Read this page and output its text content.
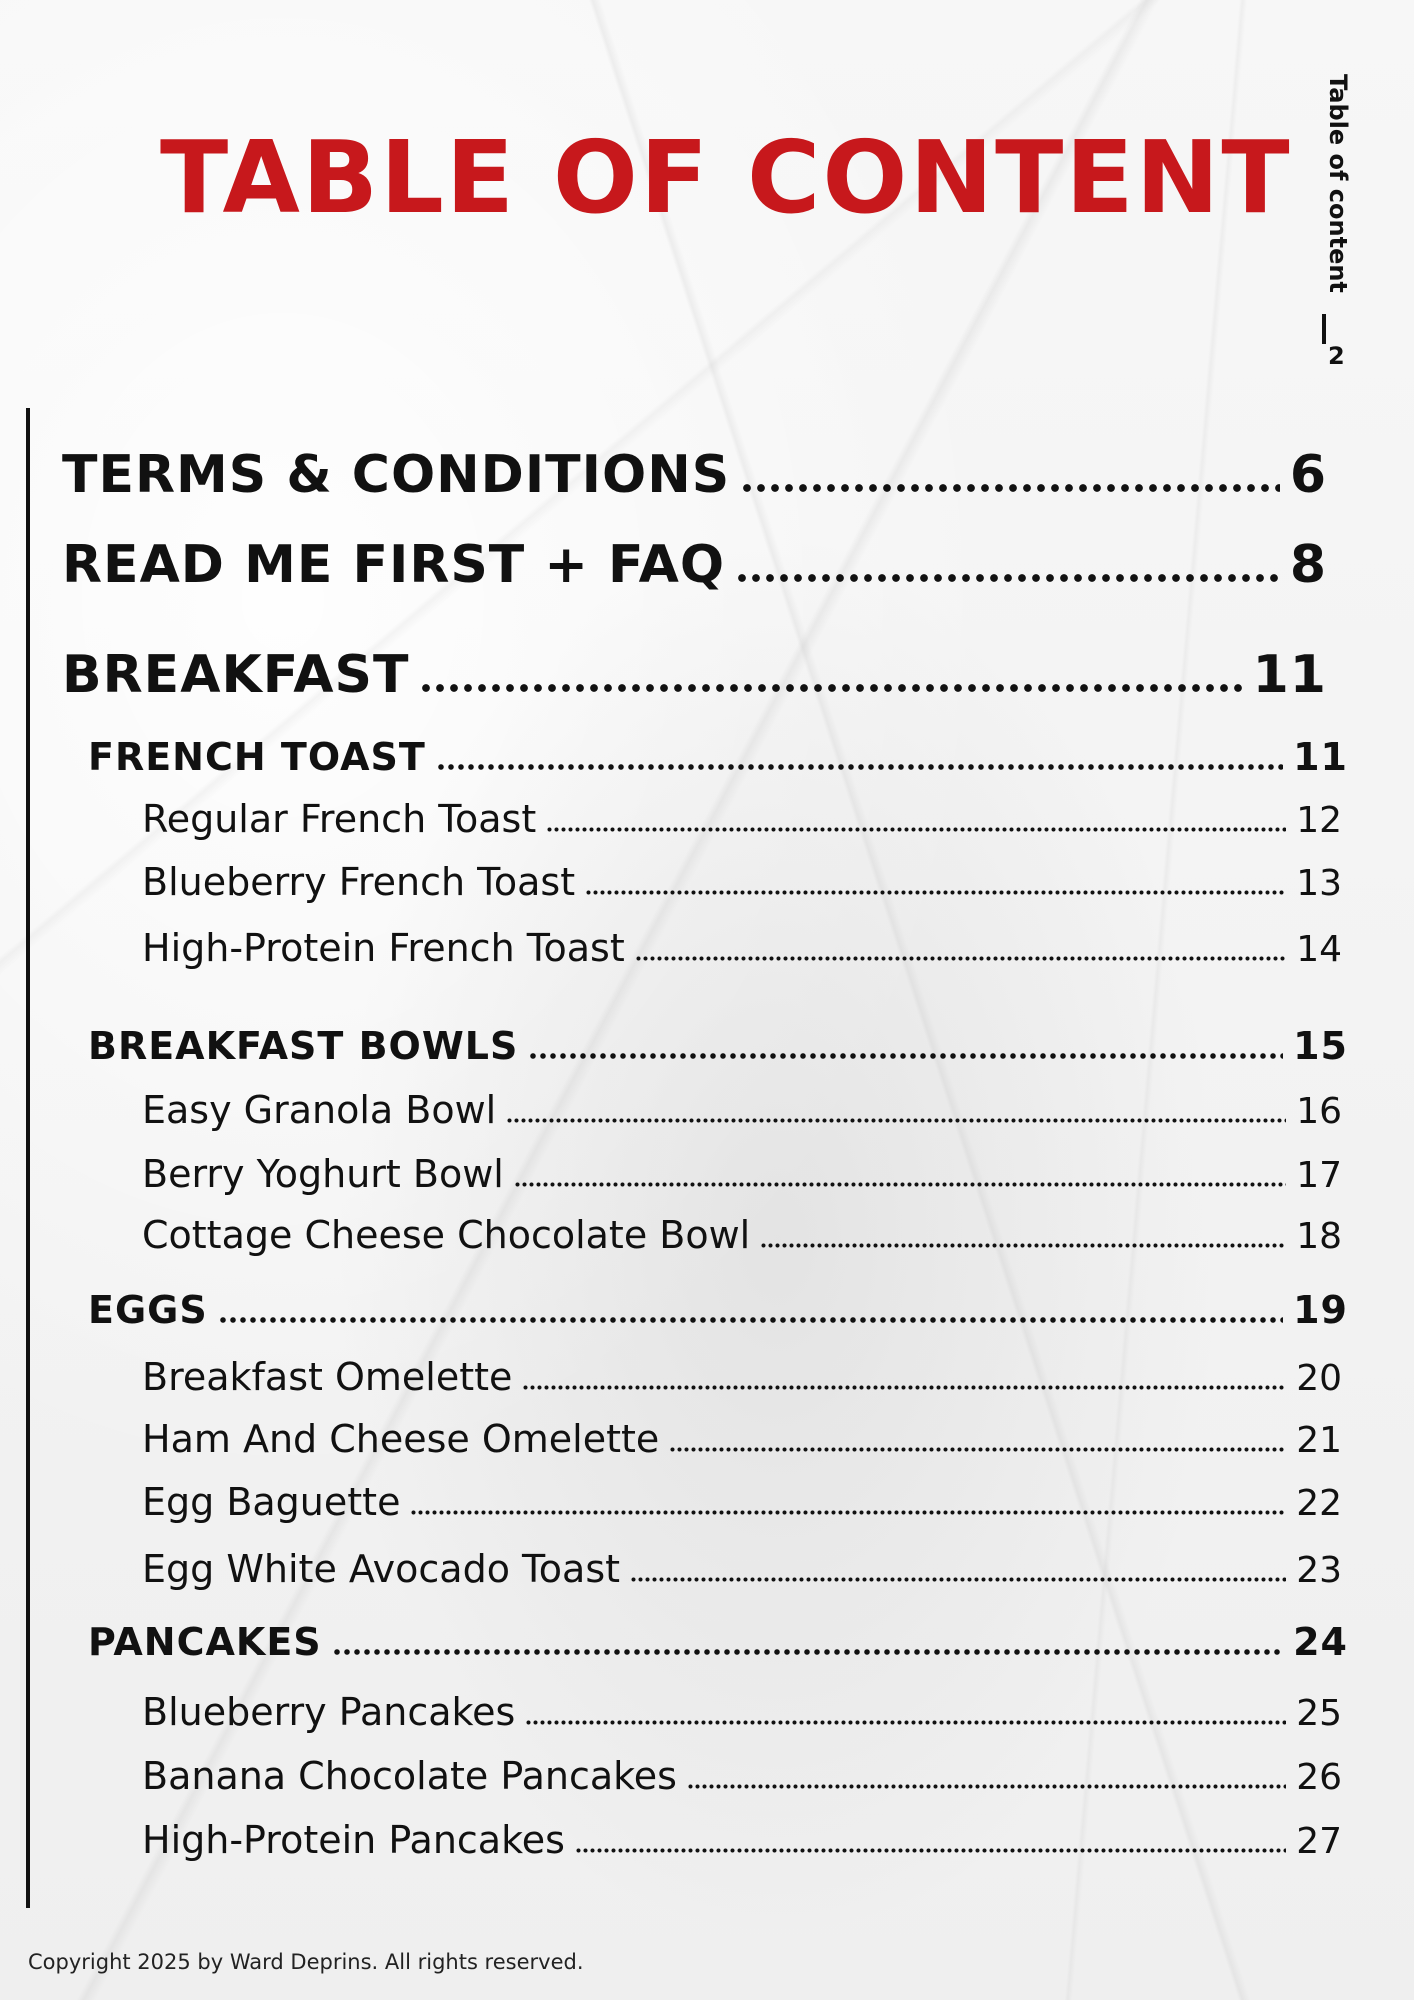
TABLE OF CONTENT Table of content
2
TERMS & CONDITIONS	6
READ ME FIRST + FAQ	8
BREAKFAST	11
FRENCH TOAST	11
Regular French Toast	12
Blueberry French Toast	13
High-Protein French Toast	14
BREAKFAST BOWLS	15
Easy Granola Bowl	16
Berry Yoghurt Bowl	17
Cottage Cheese Chocolate Bowl	18
EGGS	19
Breakfast Omelette	20
Ham And Cheese Omelette	21
Egg Baguette	22
Egg White Avocado Toast	23
PANCAKES	24
Blueberry Pancakes	25
Banana Chocolate Pancakes	26
High-Protein Pancakes	27
Copyright 2025 by Ward Deprins. All rights reserved.
